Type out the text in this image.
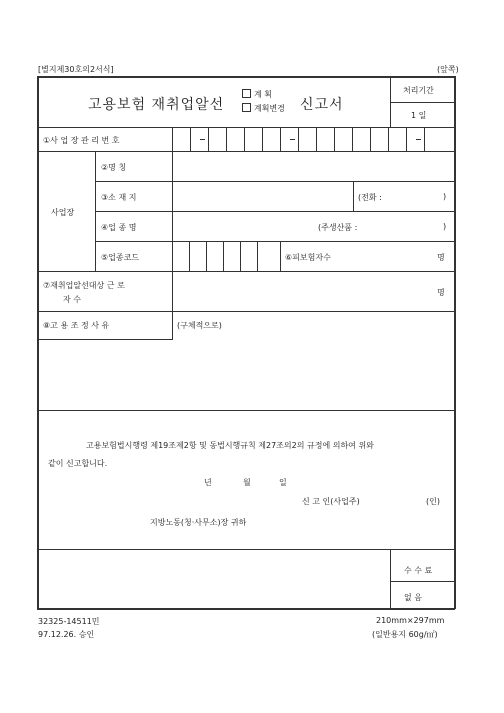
[별지제30호의2서식]	(앞쪽)
고용보험 재취업알선
계 획
계획변경 신고서
처리기간
1 일
①사 업 장 관 리 번 호
사업장
②명 칭
③소 재 지	(전화 :	)
④업 종 명	(주생산품 :	)
⑤업종코드	⑥피보험자수	명
⑦재취업알선대상 근 로
자 수
명
⑧고 용 조 정 사 유	(구체적으로)
고용보험법시행령 제19조제2항 및 동법시행규칙 제27조의2의 규정에 의하여 위와
같이 신고합니다.
년	월	일
신 고 인(사업주)	(인)
지방노동(청·사무소)장 귀하
수 수 료
없 음
32325-14511민
97.12.26. 승인
210mm×297mm
(일반용지 60g/㎡)
